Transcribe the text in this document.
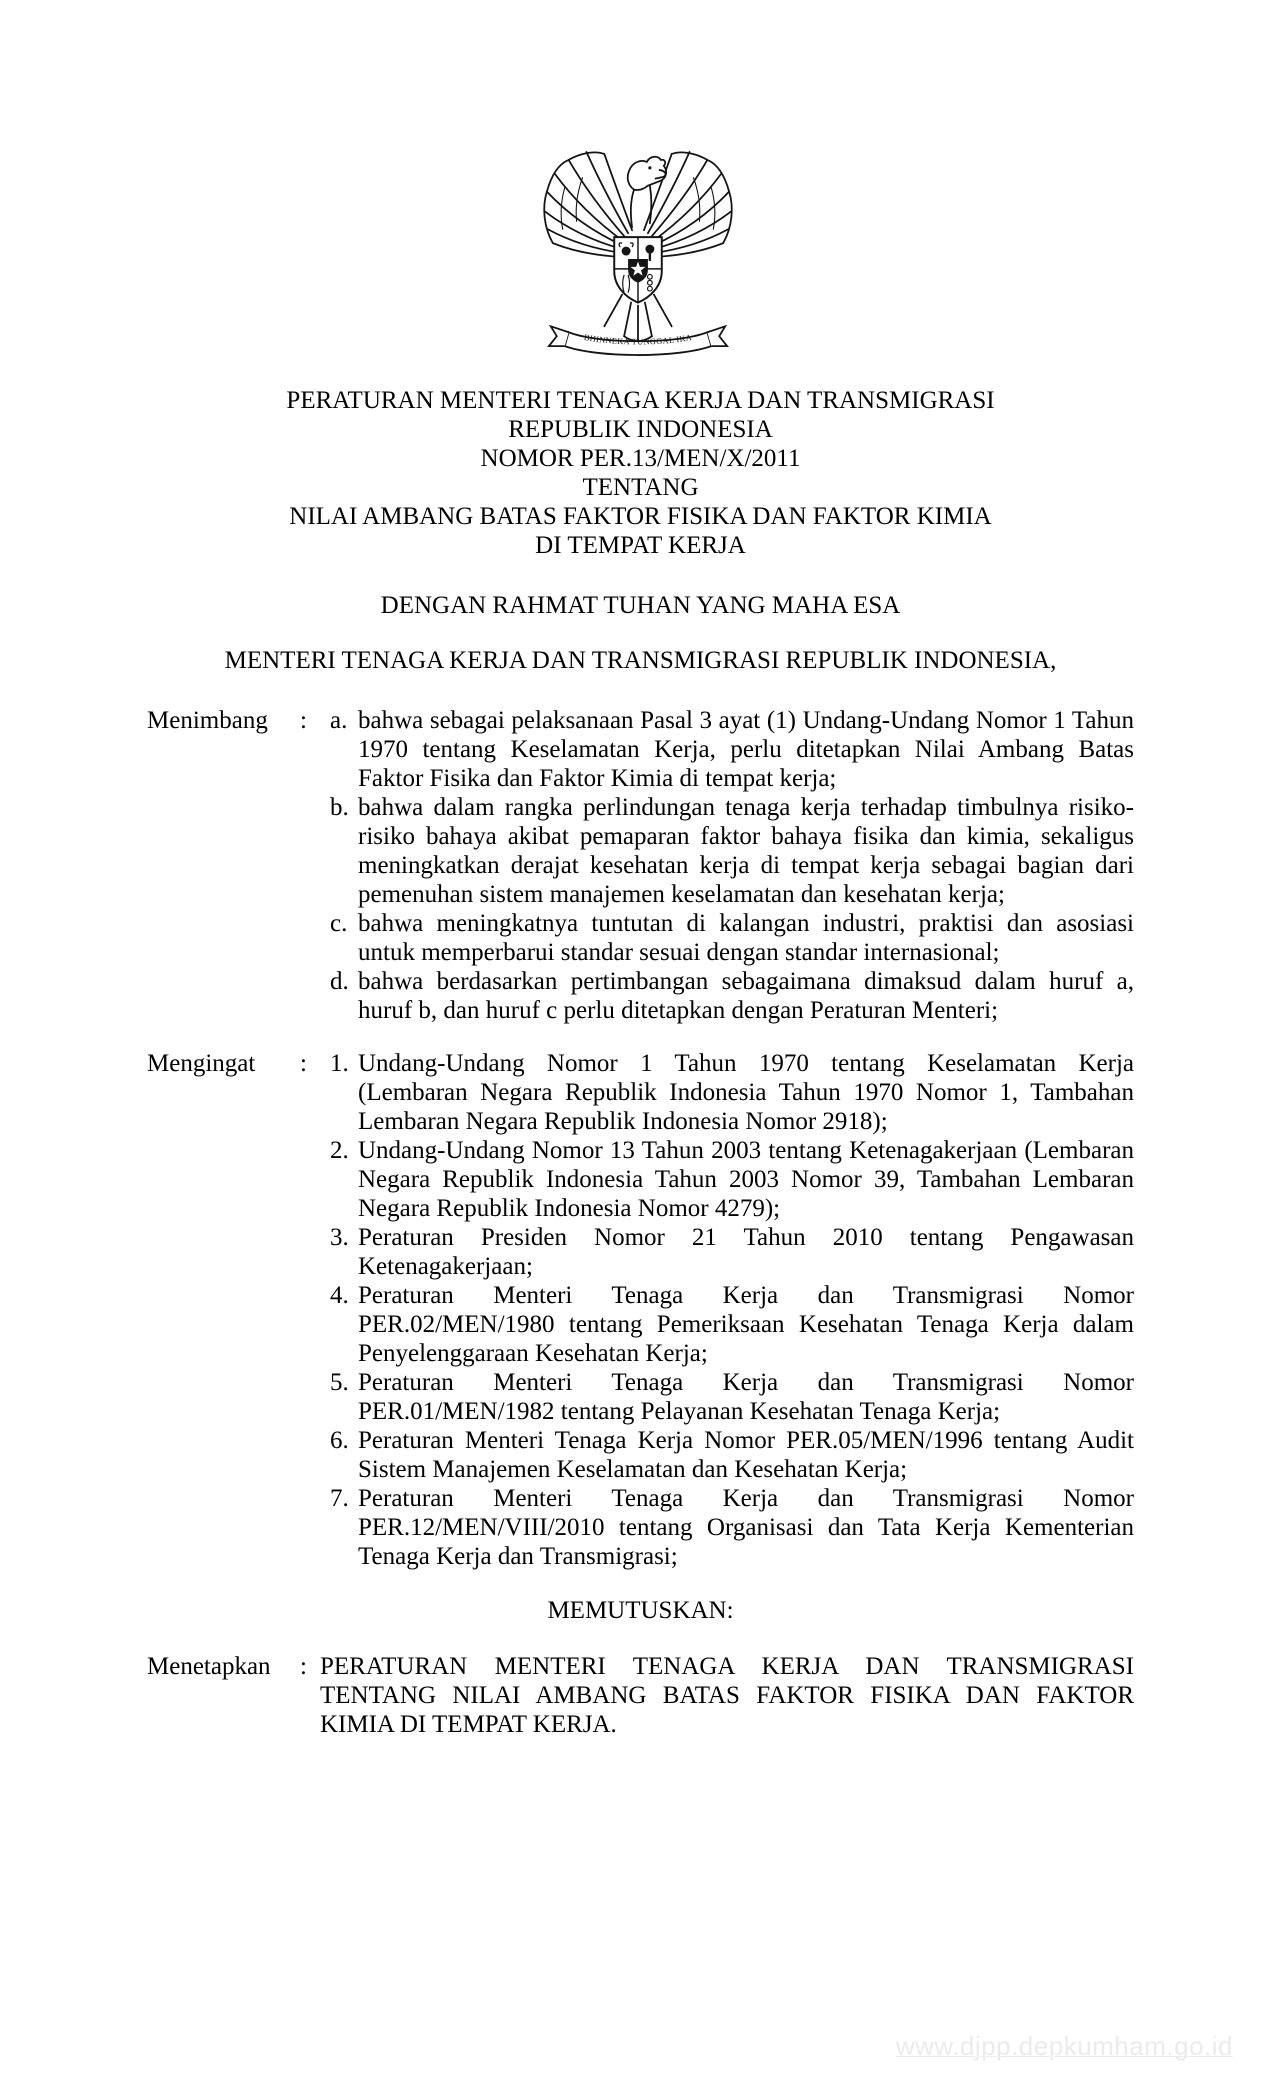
BHINNEKA TUNGGAL IKA
PERATURAN MENTERI TENAGA KERJA DAN TRANSMIGRASI
REPUBLIK INDONESIA
NOMOR PER.13/MEN/X/2011
TENTANG
NILAI AMBANG BATAS FAKTOR FISIKA DAN FAKTOR KIMIA
DI TEMPAT KERJA
DENGAN RAHMAT TUHAN YANG MAHA ESA
MENTERI TENAGA KERJA DAN TRANSMIGRASI REPUBLIK INDONESIA,
Menimbang	: a. bahwa sebagai pelaksanaan Pasal 3 ayat (1) Undang-Undang Nomor 1 Tahun 1970 tentang Keselamatan Kerja, perlu ditetapkan Nilai Ambang Batas Faktor Fisika dan Faktor Kimia di tempat kerja;
b. bahwa dalam rangka perlindungan tenaga kerja terhadap timbulnya risiko-risiko bahaya akibat pemaparan faktor bahaya fisika dan kimia, sekaligus meningkatkan derajat kesehatan kerja di tempat kerja sebagai bagian dari pemenuhan sistem manajemen keselamatan dan kesehatan kerja;
c. bahwa meningkatnya tuntutan di kalangan industri, praktisi dan asosiasi untuk memperbarui standar sesuai dengan standar internasional;
d. bahwa berdasarkan pertimbangan sebagaimana dimaksud dalam huruf a, huruf b, dan huruf c perlu ditetapkan dengan Peraturan Menteri;
Mengingat	: 1. Undang-Undang Nomor 1 Tahun 1970 tentang Keselamatan Kerja (Lembaran Negara Republik Indonesia Tahun 1970 Nomor 1, Tambahan Lembaran Negara Republik Indonesia Nomor 2918);
2. Undang-Undang Nomor 13 Tahun 2003 tentang Ketenagakerjaan (Lembaran Negara Republik Indonesia Tahun 2003 Nomor 39, Tambahan Lembaran Negara Republik Indonesia Nomor 4279);
3. Peraturan Presiden Nomor 21 Tahun 2010 tentang Pengawasan Ketenagakerjaan;
4. Peraturan Menteri Tenaga Kerja dan Transmigrasi Nomor PER.02/MEN/1980 tentang Pemeriksaan Kesehatan Tenaga Kerja dalam Penyelenggaraan Kesehatan Kerja;
5. Peraturan Menteri Tenaga Kerja dan Transmigrasi Nomor PER.01/MEN/1982 tentang Pelayanan Kesehatan Tenaga Kerja;
6. Peraturan Menteri Tenaga Kerja Nomor PER.05/MEN/1996 tentang Audit Sistem Manajemen Keselamatan dan Kesehatan Kerja;
7. Peraturan Menteri Tenaga Kerja dan Transmigrasi Nomor PER.12/MEN/VIII/2010 tentang Organisasi dan Tata Kerja Kementerian Tenaga Kerja dan Transmigrasi;
MEMUTUSKAN:
Menetapkan	: PERATURAN MENTERI TENAGA KERJA DAN TRANSMIGRASI TENTANG NILAI AMBANG BATAS FAKTOR FISIKA DAN FAKTOR KIMIA DI TEMPAT KERJA.
www.djpp.depkumham.go.id
